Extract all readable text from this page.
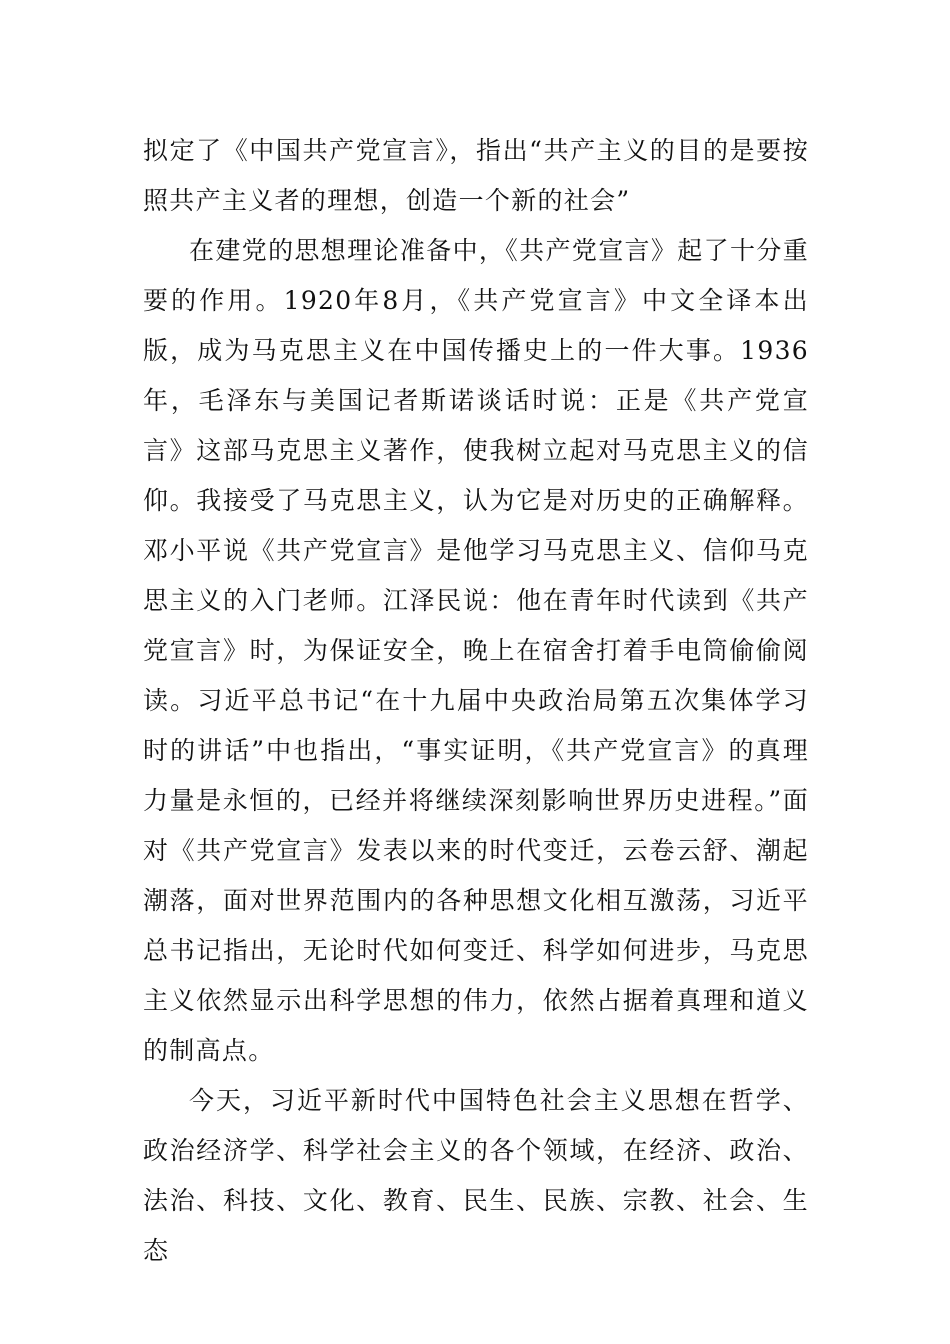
拟定了《中国共产党宣言》，指出“共产主义的目的是要按照共产主义者的理想，创造一个新的社会”

在建党的思想理论准备中，《共产党宣言》起了十分重要的作用。1920年8月，《共产党宣言》中文全译本出版，成为马克思主义在中国传播史上的一件大事。1936年，毛泽东与美国记者斯诺谈话时说：正是《共产党宣言》这部马克思主义著作，使我树立起对马克思主义的信仰。我接受了马克思主义，认为它是对历史的正确解释。邓小平说《共产党宣言》是他学习马克思主义、信仰马克思主义的入门老师。江泽民说：他在青年时代读到《共产党宣言》时，为保证安全，晚上在宿舍打着手电筒偷偷阅读。习近平总书记“在十九届中央政治局第五次集体学习时的讲话”中也指出，“事实证明，《共产党宣言》的真理力量是永恒的，已经并将继续深刻影响世界历史进程。”面对《共产党宣言》发表以来的时代变迁，云卷云舒、潮起潮落，面对世界范围内的各种思想文化相互激荡，习近平总书记指出，无论时代如何变迁、科学如何进步，马克思主义依然显示出科学思想的伟力，依然占据着真理和道义的制高点。

今天，习近平新时代中国特色社会主义思想在哲学、政治经济学、科学社会主义的各个领域，在经济、政治、法治、科技、文化、教育、民生、民族、宗教、社会、生态
